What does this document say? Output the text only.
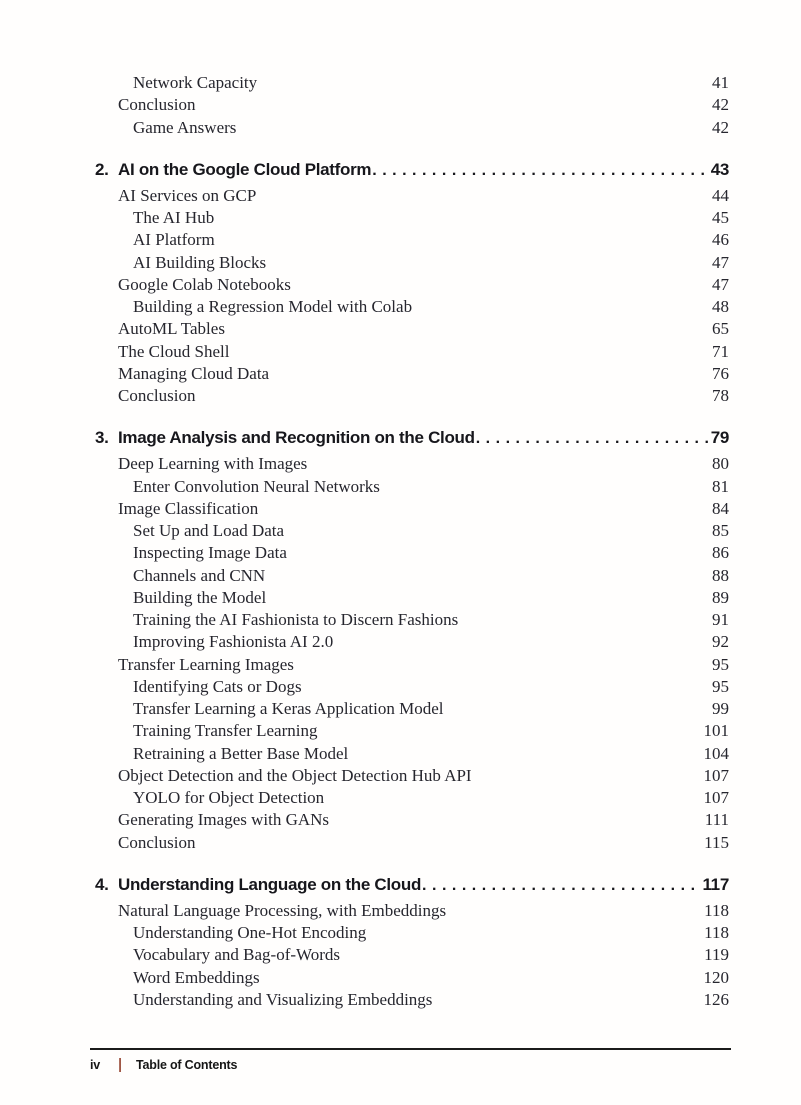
Network Capacity	41
Conclusion	42
Game Answers	42
2. AI on the Google Cloud Platform .....	43
AI Services on GCP	44
The AI Hub	45
AI Platform	46
AI Building Blocks	47
Google Colab Notebooks	47
Building a Regression Model with Colab	48
AutoML Tables	65
The Cloud Shell	71
Managing Cloud Data	76
Conclusion	78
3. Image Analysis and Recognition on the Cloud .....	79
Deep Learning with Images	80
Enter Convolution Neural Networks	81
Image Classification	84
Set Up and Load Data	85
Inspecting Image Data	86
Channels and CNN	88
Building the Model	89
Training the AI Fashionista to Discern Fashions	91
Improving Fashionista AI 2.0	92
Transfer Learning Images	95
Identifying Cats or Dogs	95
Transfer Learning a Keras Application Model	99
Training Transfer Learning	101
Retraining a Better Base Model	104
Object Detection and the Object Detection Hub API	107
YOLO for Object Detection	107
Generating Images with GANs	111
Conclusion	115
4. Understanding Language on the Cloud .....	117
Natural Language Processing, with Embeddings	118
Understanding One-Hot Encoding	118
Vocabulary and Bag-of-Words	119
Word Embeddings	120
Understanding and Visualizing Embeddings	126
iv | Table of Contents
